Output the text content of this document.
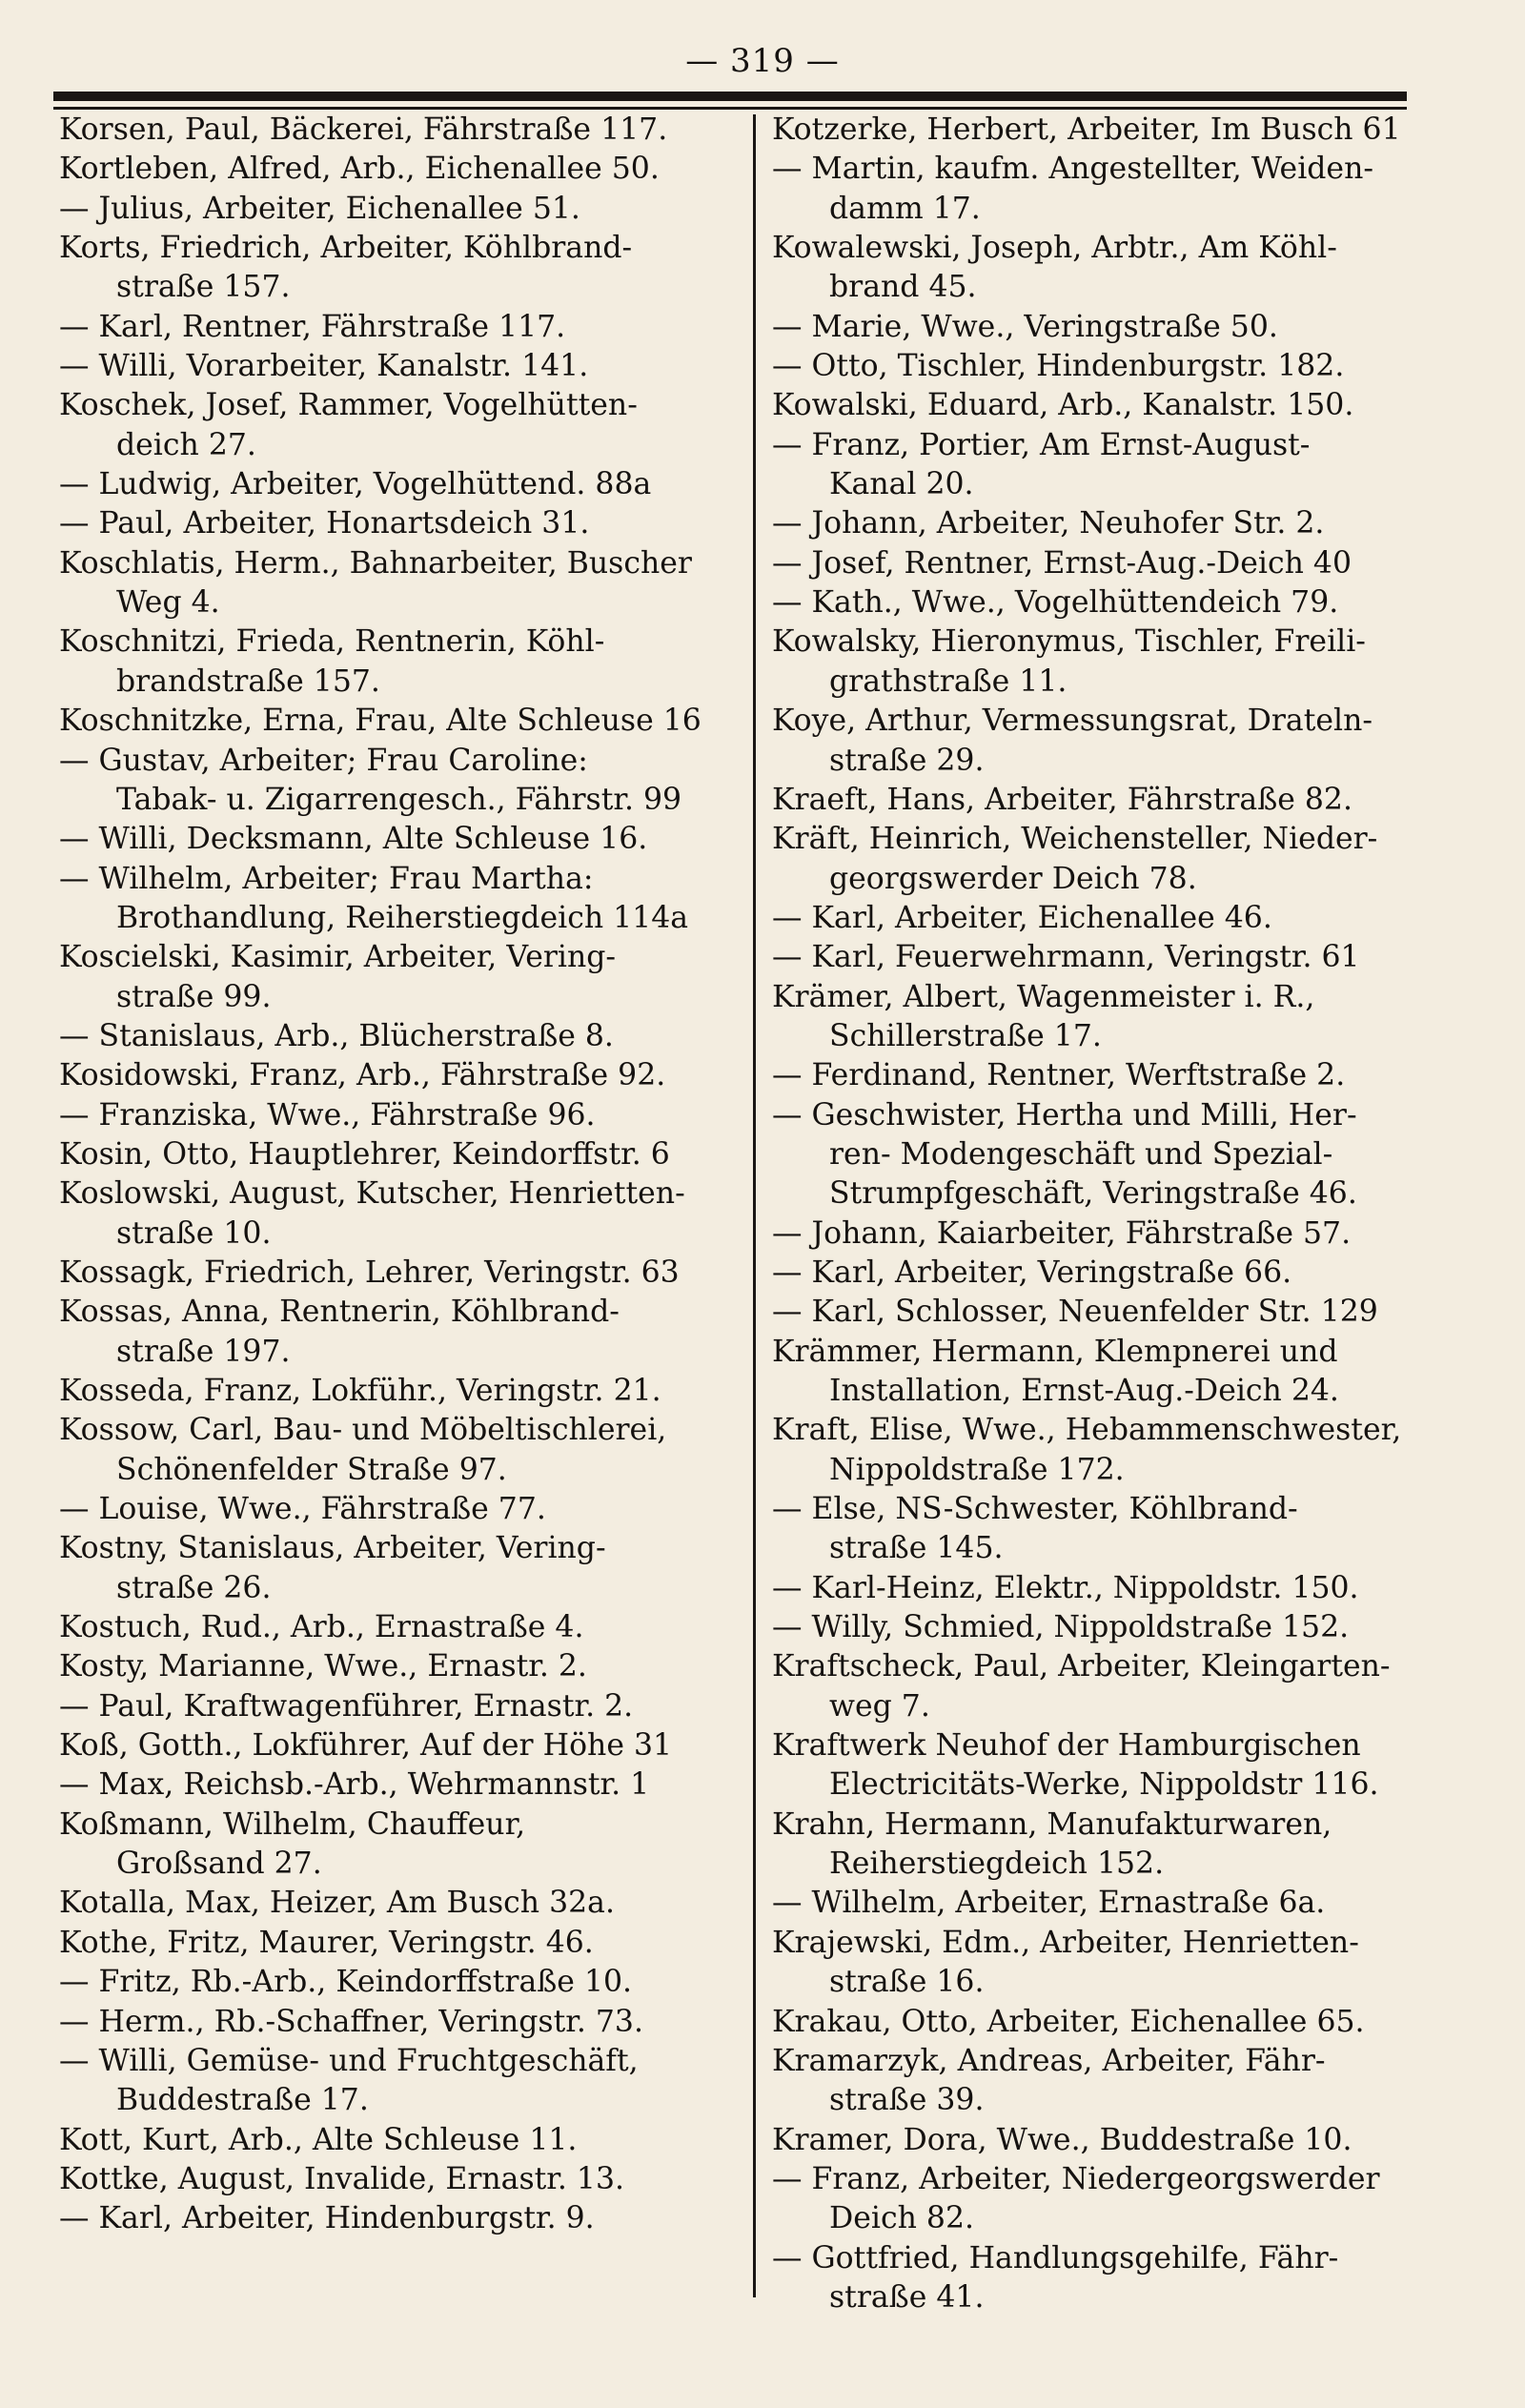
— 319 —
Korsen, Paul, Bäckerei, Fährstraße 117.
Kortleben, Alfred, Arb., Eichenallee 50.
— Julius, Arbeiter, Eichenallee 51.
Korts, Friedrich, Arbeiter, Köhlbrand-
straße 157.
— Karl, Rentner, Fährstraße 117.
— Willi, Vorarbeiter, Kanalstr. 141.
Koschek, Josef, Rammer, Vogelhütten-
deich 27.
— Ludwig, Arbeiter, Vogelhüttend. 88a
— Paul, Arbeiter, Honartsdeich 31.
Koschlatis, Herm., Bahnarbeiter, Buscher
Weg 4.
Koschnitzi, Frieda, Rentnerin, Köhl-
brandstraße 157.
Koschnitzke, Erna, Frau, Alte Schleuse 16
— Gustav, Arbeiter; Frau Caroline:
Tabak- u. Zigarrengesch., Fährstr. 99
— Willi, Decksmann, Alte Schleuse 16.
— Wilhelm, Arbeiter; Frau Martha:
Brothandlung, Reiherstiegdeich 114a
Koscielski, Kasimir, Arbeiter, Vering-
straße 99.
— Stanislaus, Arb., Blücherstraße 8.
Kosidowski, Franz, Arb., Fährstraße 92.
— Franziska, Wwe., Fährstraße 96.
Kosin, Otto, Hauptlehrer, Keindorffstr. 6
Koslowski, August, Kutscher, Henrietten-
straße 10.
Kossagk, Friedrich, Lehrer, Veringstr. 63
Kossas, Anna, Rentnerin, Köhlbrand-
straße 197.
Kosseda, Franz, Lokführ., Veringstr. 21.
Kossow, Carl, Bau- und Möbeltischlerei,
Schönenfelder Straße 97.
— Louise, Wwe., Fährstraße 77.
Kostny, Stanislaus, Arbeiter, Vering-
straße 26.
Kostuch, Rud., Arb., Ernastraße 4.
Kosty, Marianne, Wwe., Ernastr. 2.
— Paul, Kraftwagenführer, Ernastr. 2.
Koß, Gotth., Lokführer, Auf der Höhe 31
— Max, Reichsb.-Arb., Wehrmannstr. 1
Koßmann, Wilhelm, Chauffeur,
Großsand 27.
Kotalla, Max, Heizer, Am Busch 32a.
Kothe, Fritz, Maurer, Veringstr. 46.
— Fritz, Rb.-Arb., Keindorffstraße 10.
— Herm., Rb.-Schaffner, Veringstr. 73.
— Willi, Gemüse- und Fruchtgeschäft,
Buddestraße 17.
Kott, Kurt, Arb., Alte Schleuse 11.
Kottke, August, Invalide, Ernastr. 13.
— Karl, Arbeiter, Hindenburgstr. 9.
Kotzerke, Herbert, Arbeiter, Im Busch 61
— Martin, kaufm. Angestellter, Weiden-
damm 17.
Kowalewski, Joseph, Arbtr., Am Köhl-
brand 45.
— Marie, Wwe., Veringstraße 50.
— Otto, Tischler, Hindenburgstr. 182.
Kowalski, Eduard, Arb., Kanalstr. 150.
— Franz, Portier, Am Ernst-August-
Kanal 20.
— Johann, Arbeiter, Neuhofer Str. 2.
— Josef, Rentner, Ernst-Aug.-Deich 40
— Kath., Wwe., Vogelhüttendeich 79.
Kowalsky, Hieronymus, Tischler, Freili-
grathstraße 11.
Koye, Arthur, Vermessungsrat, Drateln-
straße 29.
Kraeft, Hans, Arbeiter, Fährstraße 82.
Kräft, Heinrich, Weichensteller, Nieder-
georgswerder Deich 78.
— Karl, Arbeiter, Eichenallee 46.
— Karl, Feuerwehrmann, Veringstr. 61
Krämer, Albert, Wagenmeister i. R.,
Schillerstraße 17.
— Ferdinand, Rentner, Werftstraße 2.
— Geschwister, Hertha und Milli, Her-
ren- Modengeschäft und Spezial-
Strumpfgeschäft, Veringstraße 46.
— Johann, Kaiarbeiter, Fährstraße 57.
— Karl, Arbeiter, Veringstraße 66.
— Karl, Schlosser, Neuenfelder Str. 129
Krämmer, Hermann, Klempnerei und
Installation, Ernst-Aug.-Deich 24.
Kraft, Elise, Wwe., Hebammenschwester,
Nippoldstraße 172.
— Else, NS-Schwester, Köhlbrand-
straße 145.
— Karl-Heinz, Elektr., Nippoldstr. 150.
— Willy, Schmied, Nippoldstraße 152.
Kraftscheck, Paul, Arbeiter, Kleingarten-
weg 7.
Kraftwerk Neuhof der Hamburgischen
Electricitäts-Werke, Nippoldstr 116.
Krahn, Hermann, Manufakturwaren,
Reiherstiegdeich 152.
— Wilhelm, Arbeiter, Ernastraße 6a.
Krajewski, Edm., Arbeiter, Henrietten-
straße 16.
Krakau, Otto, Arbeiter, Eichenallee 65.
Kramarzyk, Andreas, Arbeiter, Fähr-
straße 39.
Kramer, Dora, Wwe., Buddestraße 10.
— Franz, Arbeiter, Niedergeorgswerder
Deich 82.
— Gottfried, Handlungsgehilfe, Fähr-
straße 41.
